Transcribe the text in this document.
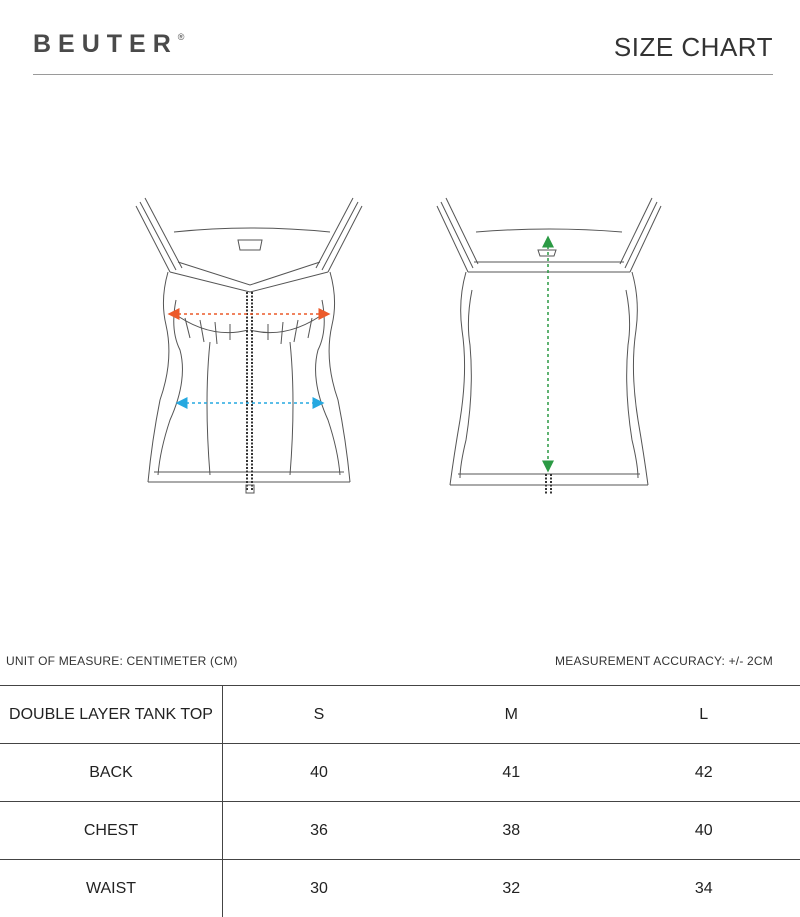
BEUTER®	SIZE CHART
UNIT OF MEASURE: CENTIMETER (CM)	MEASUREMENT ACCURACY: +/- 2CM
DOUBLE LAYER TANK TOP	S	M	L
BACK	40	41	42
CHEST	36	38	40
WAIST	30	32	34
